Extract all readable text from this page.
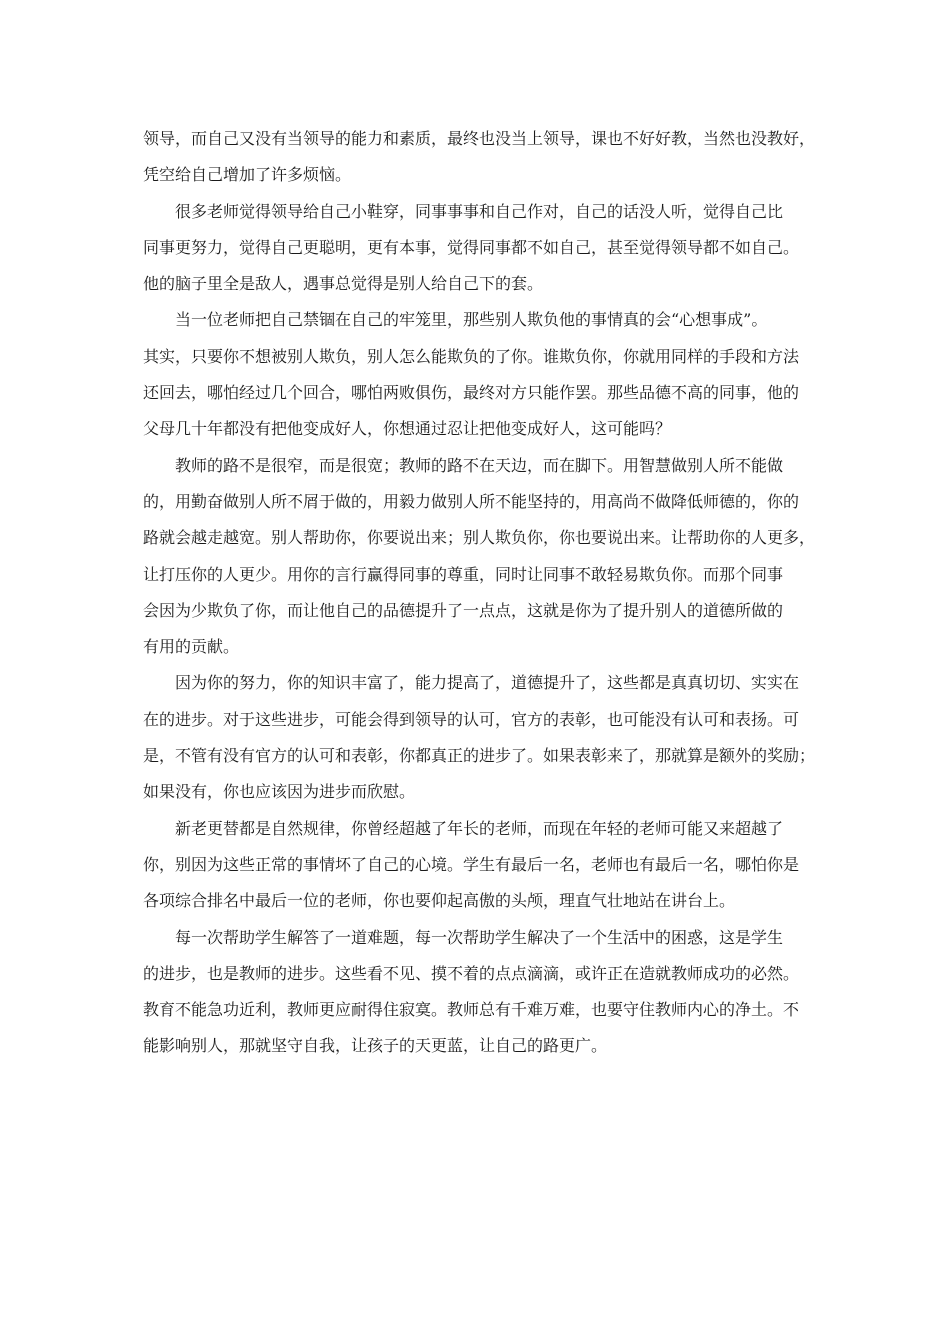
领导，而自己又没有当领导的能力和素质，最终也没当上领导，课也不好好教，当然也没教好，
凭空给自己增加了许多烦恼。

很多老师觉得领导给自己小鞋穿，同事事事和自己作对，自己的话没人听，觉得自己比
同事更努力，觉得自己更聪明，更有本事，觉得同事都不如自己，甚至觉得领导都不如自己。
他的脑子里全是敌人，遇事总觉得是别人给自己下的套。

当一位老师把自己禁锢在自己的牢笼里，那些别人欺负他的事情真的会“心想事成”。
其实，只要你不想被别人欺负，别人怎么能欺负的了你。谁欺负你，你就用同样的手段和方法
还回去，哪怕经过几个回合，哪怕两败俱伤，最终对方只能作罢。那些品德不高的同事，他的
父母几十年都没有把他变成好人，你想通过忍让把他变成好人，这可能吗？

教师的路不是很窄，而是很宽；教师的路不在天边，而在脚下。用智慧做别人所不能做
的，用勤奋做别人所不屑于做的，用毅力做别人所不能坚持的，用高尚不做降低师德的，你的
路就会越走越宽。别人帮助你，你要说出来；别人欺负你，你也要说出来。让帮助你的人更多，
让打压你的人更少。用你的言行赢得同事的尊重，同时让同事不敢轻易欺负你。而那个同事
会因为少欺负了你，而让他自己的品德提升了一点点，这就是你为了提升别人的道德所做的
有用的贡献。

因为你的努力，你的知识丰富了，能力提高了，道德提升了，这些都是真真切切、实实在
在的进步。对于这些进步，可能会得到领导的认可，官方的表彰，也可能没有认可和表扬。可
是，不管有没有官方的认可和表彰，你都真正的进步了。如果表彰来了，那就算是额外的奖励；
如果没有，你也应该因为进步而欣慰。

新老更替都是自然规律，你曾经超越了年长的老师，而现在年轻的老师可能又来超越了
你，别因为这些正常的事情坏了自己的心境。学生有最后一名，老师也有最后一名，哪怕你是
各项综合排名中最后一位的老师，你也要仰起高傲的头颅，理直气壮地站在讲台上。

每一次帮助学生解答了一道难题，每一次帮助学生解决了一个生活中的困惑，这是学生
的进步，也是教师的进步。这些看不见、摸不着的点点滴滴，或许正在造就教师成功的必然。
教育不能急功近利，教师更应耐得住寂寞。教师总有千难万难，也要守住教师内心的净土。不
能影响别人，那就坚守自我，让孩子的天更蓝，让自己的路更广。
